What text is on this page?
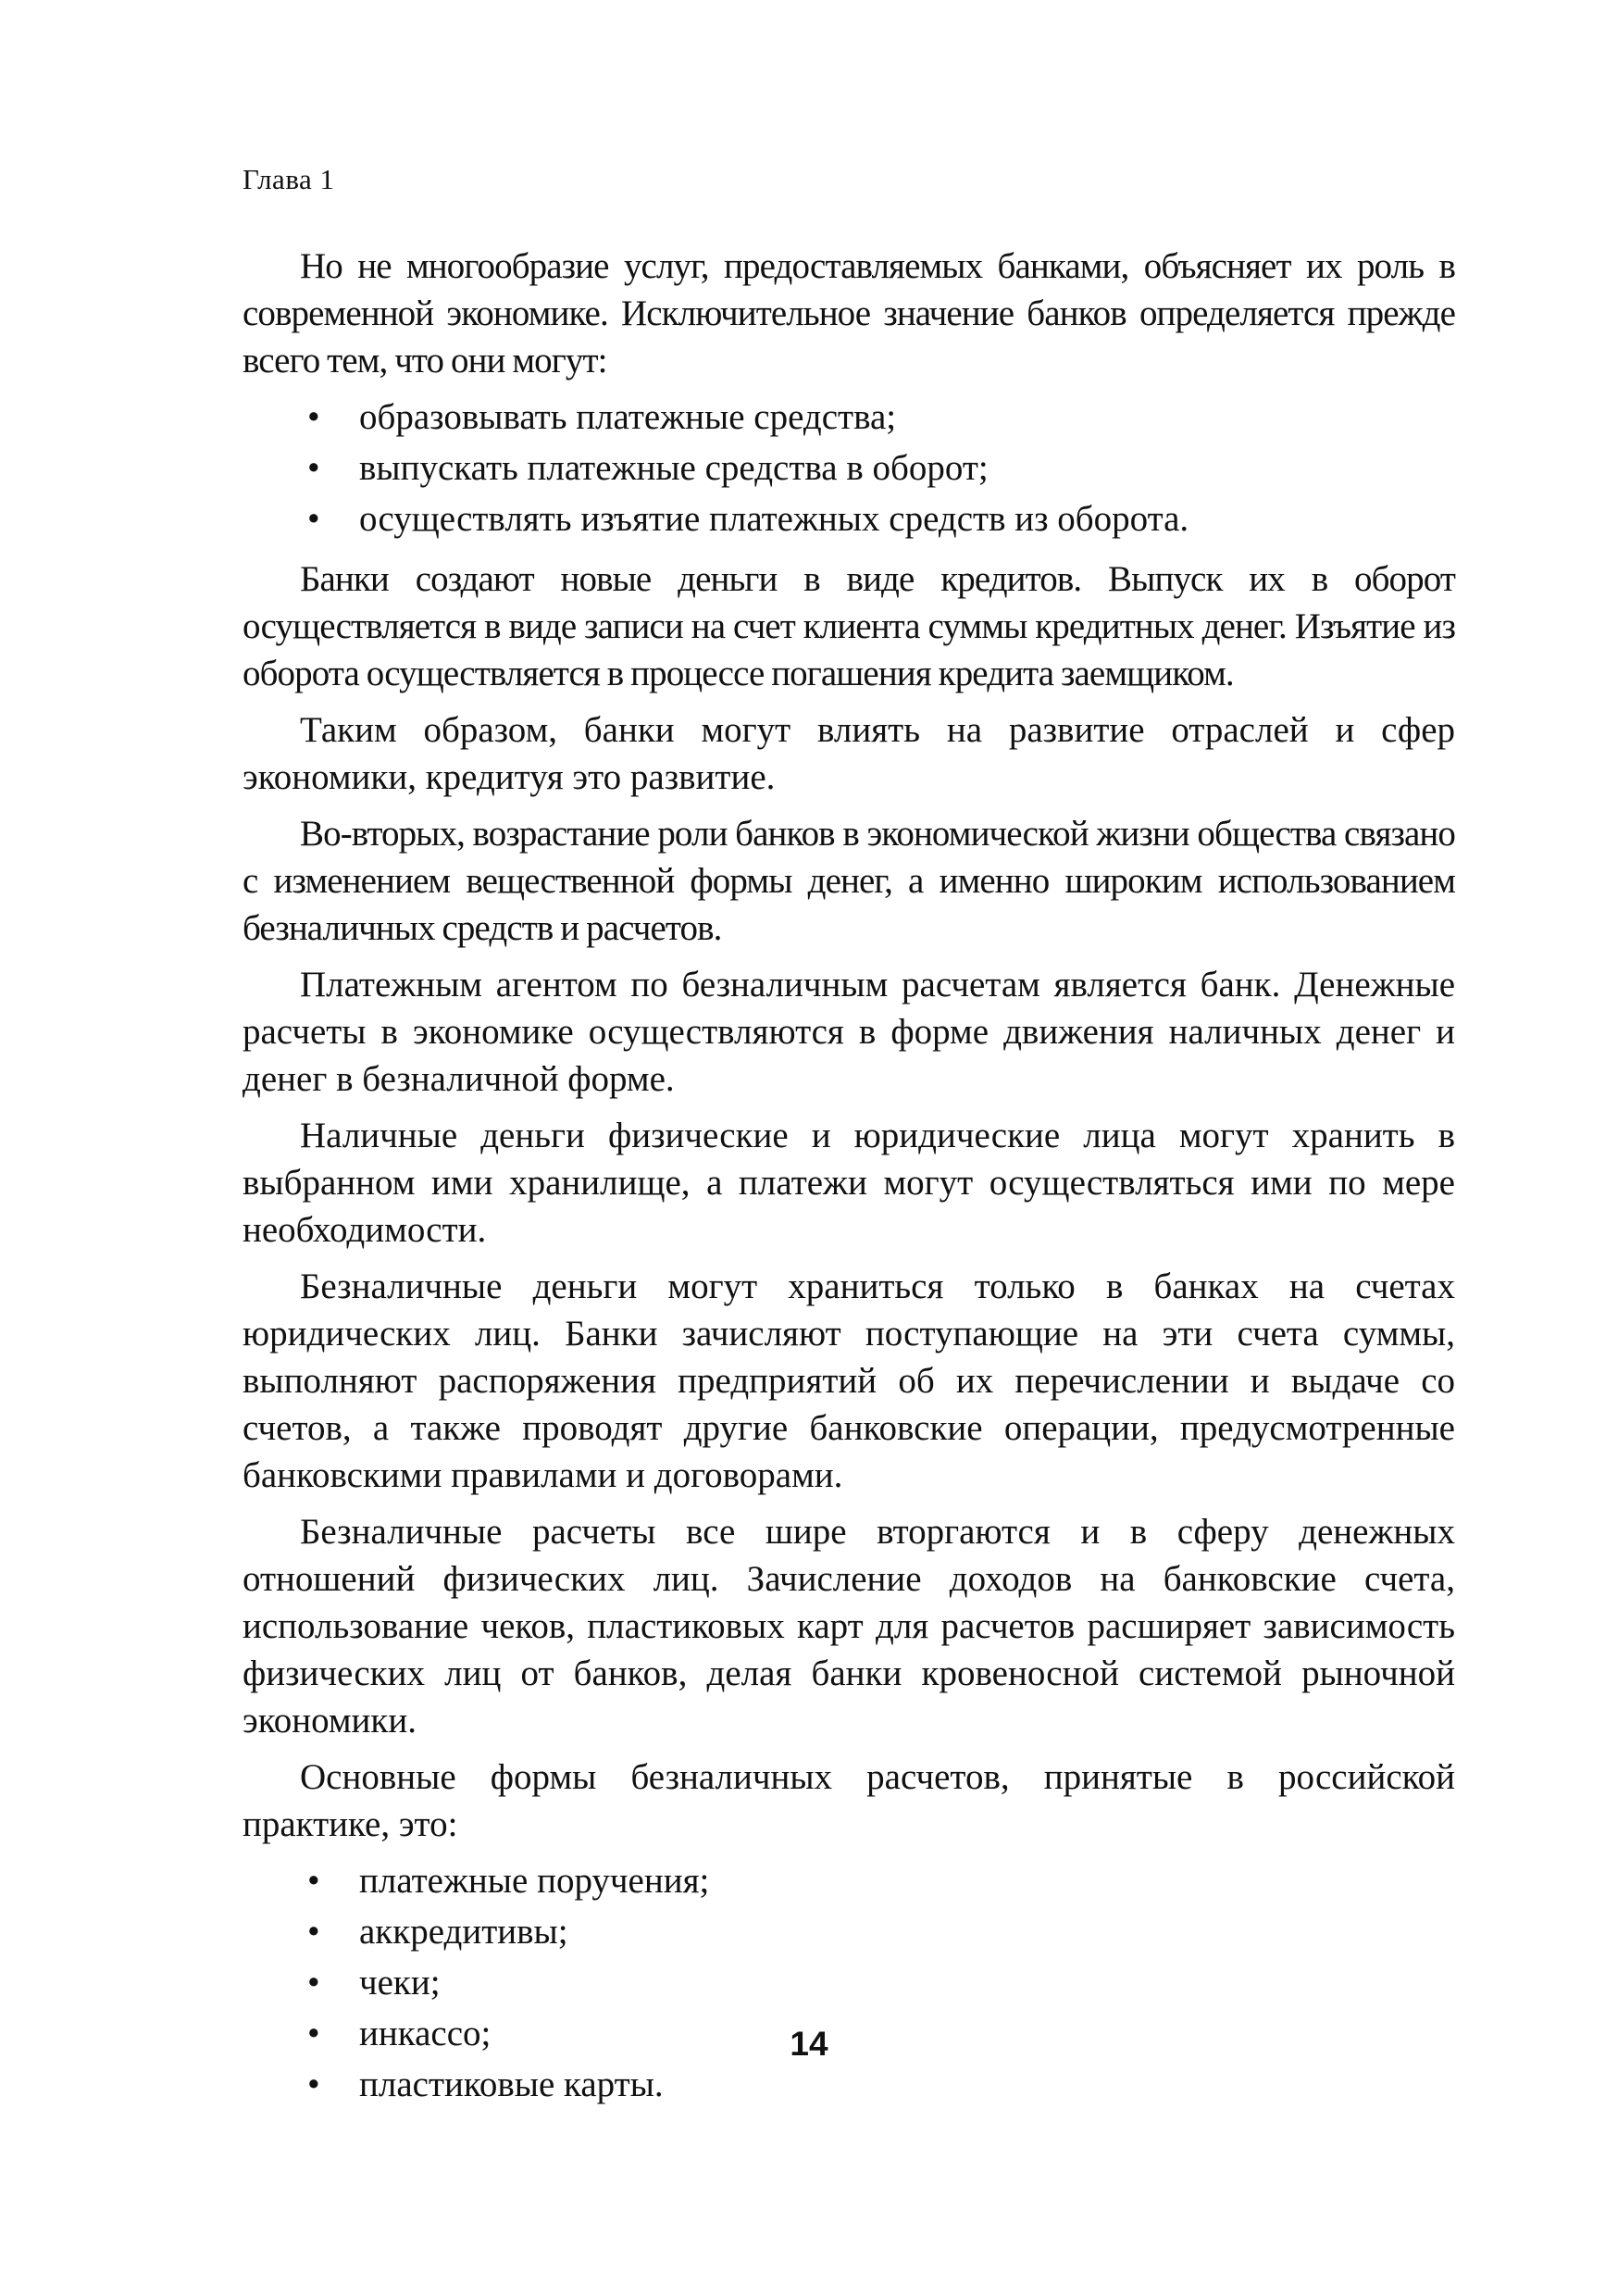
Глава 1

Но не многообразие услуг, предоставляемых банками, объясняет их роль в современной экономике. Исключительное значение банков определяется прежде всего тем, что они могут:

• образовывать платежные средства;
• выпускать платежные средства в оборот;
• осуществлять изъятие платежных средств из оборота.

Банки создают новые деньги в виде кредитов. Выпуск их в оборот осуществляется в виде записи на счет клиента суммы кредитных денег. Изъятие из оборота осуществляется в процессе погашения кредита заемщиком.

Таким образом, банки могут влиять на развитие отраслей и сфер экономики, кредитуя это развитие.

Во-вторых, возрастание роли банков в экономической жизни общества связано с изменением вещественной формы денег, а именно широким использованием безналичных средств и расчетов.

Платежным агентом по безналичным расчетам является банк. Денежные расчеты в экономике осуществляются в форме движения наличных денег и денег в безналичной форме.

Наличные деньги физические и юридические лица могут хранить в выбранном ими хранилище, а платежи могут осуществляться ими по мере необходимости.

Безналичные деньги могут храниться только в банках на счетах юридических лиц. Банки зачисляют поступающие на эти счета суммы, выполняют распоряжения предприятий об их перечислении и выдаче со счетов, а также проводят другие банковские операции, предусмотренные банковскими правилами и договорами.

Безналичные расчеты все шире вторгаются и в сферу денежных отношений физических лиц. Зачисление доходов на банковские счета, использование чеков, пластиковых карт для расчетов расширяет зависимость физических лиц от банков, делая банки кровеносной системой рыночной экономики.

Основные формы безналичных расчетов, принятые в российской практике, это:

• платежные поручения;
• аккредитивы;
• чеки;
• инкассо;
• пластиковые карты.
14
